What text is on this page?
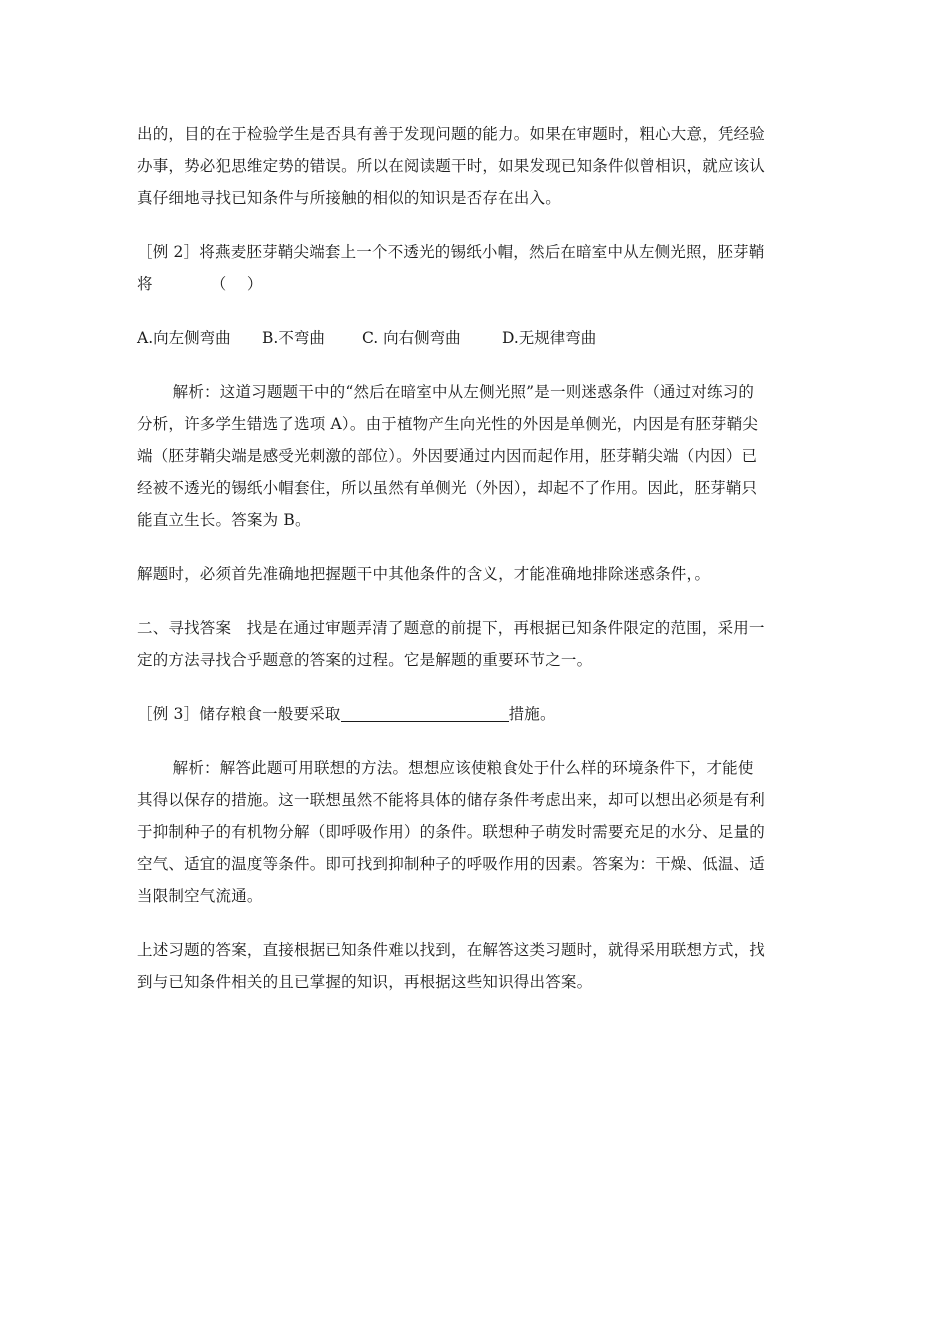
出的，目的在于检验学生是否具有善于发现问题的能力。如果在审题时，粗心大意，凭经验

办事，势必犯思维定势的错误。所以在阅读题干时，如果发现已知条件似曾相识，就应该认

真仔细地寻找已知条件与所接触的相似的知识是否存在出入。

［例 2］将燕麦胚芽鞘尖端套上一个不透光的锡纸小帽，然后在暗室中从左侧光照，胚芽鞘

将	（    ）

A.向左侧弯曲	B.不弯曲	C. 向右侧弯曲	D.无规律弯曲

解析：这道习题题干中的“然后在暗室中从左侧光照”是一则迷惑条件（通过对练习的

分析，许多学生错选了选项 A）。由于植物产生向光性的外因是单侧光，内因是有胚芽鞘尖

端（胚芽鞘尖端是感受光刺激的部位）。外因要通过内因而起作用，胚芽鞘尖端（内因）已

经被不透光的锡纸小帽套住，所以虽然有单侧光（外因），却起不了作用。因此，胚芽鞘只

能直立生长。答案为 B。

解题时，必须首先准确地把握题干中其他条件的含义，才能准确地排除迷惑条件，。

二、寻找答案   找是在通过审题弄清了题意的前提下，再根据已知条件限定的范围，采用一

定的方法寻找合乎题意的答案的过程。它是解题的重要环节之一。

［例 3］储存粮食一般要采取	措施。

解析：解答此题可用联想的方法。想想应该使粮食处于什么样的环境条件下，才能使

其得以保存的措施。这一联想虽然不能将具体的储存条件考虑出来，却可以想出必须是有利

于抑制种子的有机物分解（即呼吸作用）的条件。联想种子萌发时需要充足的水分、足量的

空气、适宜的温度等条件。即可找到抑制种子的呼吸作用的因素。答案为：干燥、低温、适

当限制空气流通。

上述习题的答案，直接根据已知条件难以找到，在解答这类习题时，就得采用联想方式，找

到与已知条件相关的且已掌握的知识，再根据这些知识得出答案。
